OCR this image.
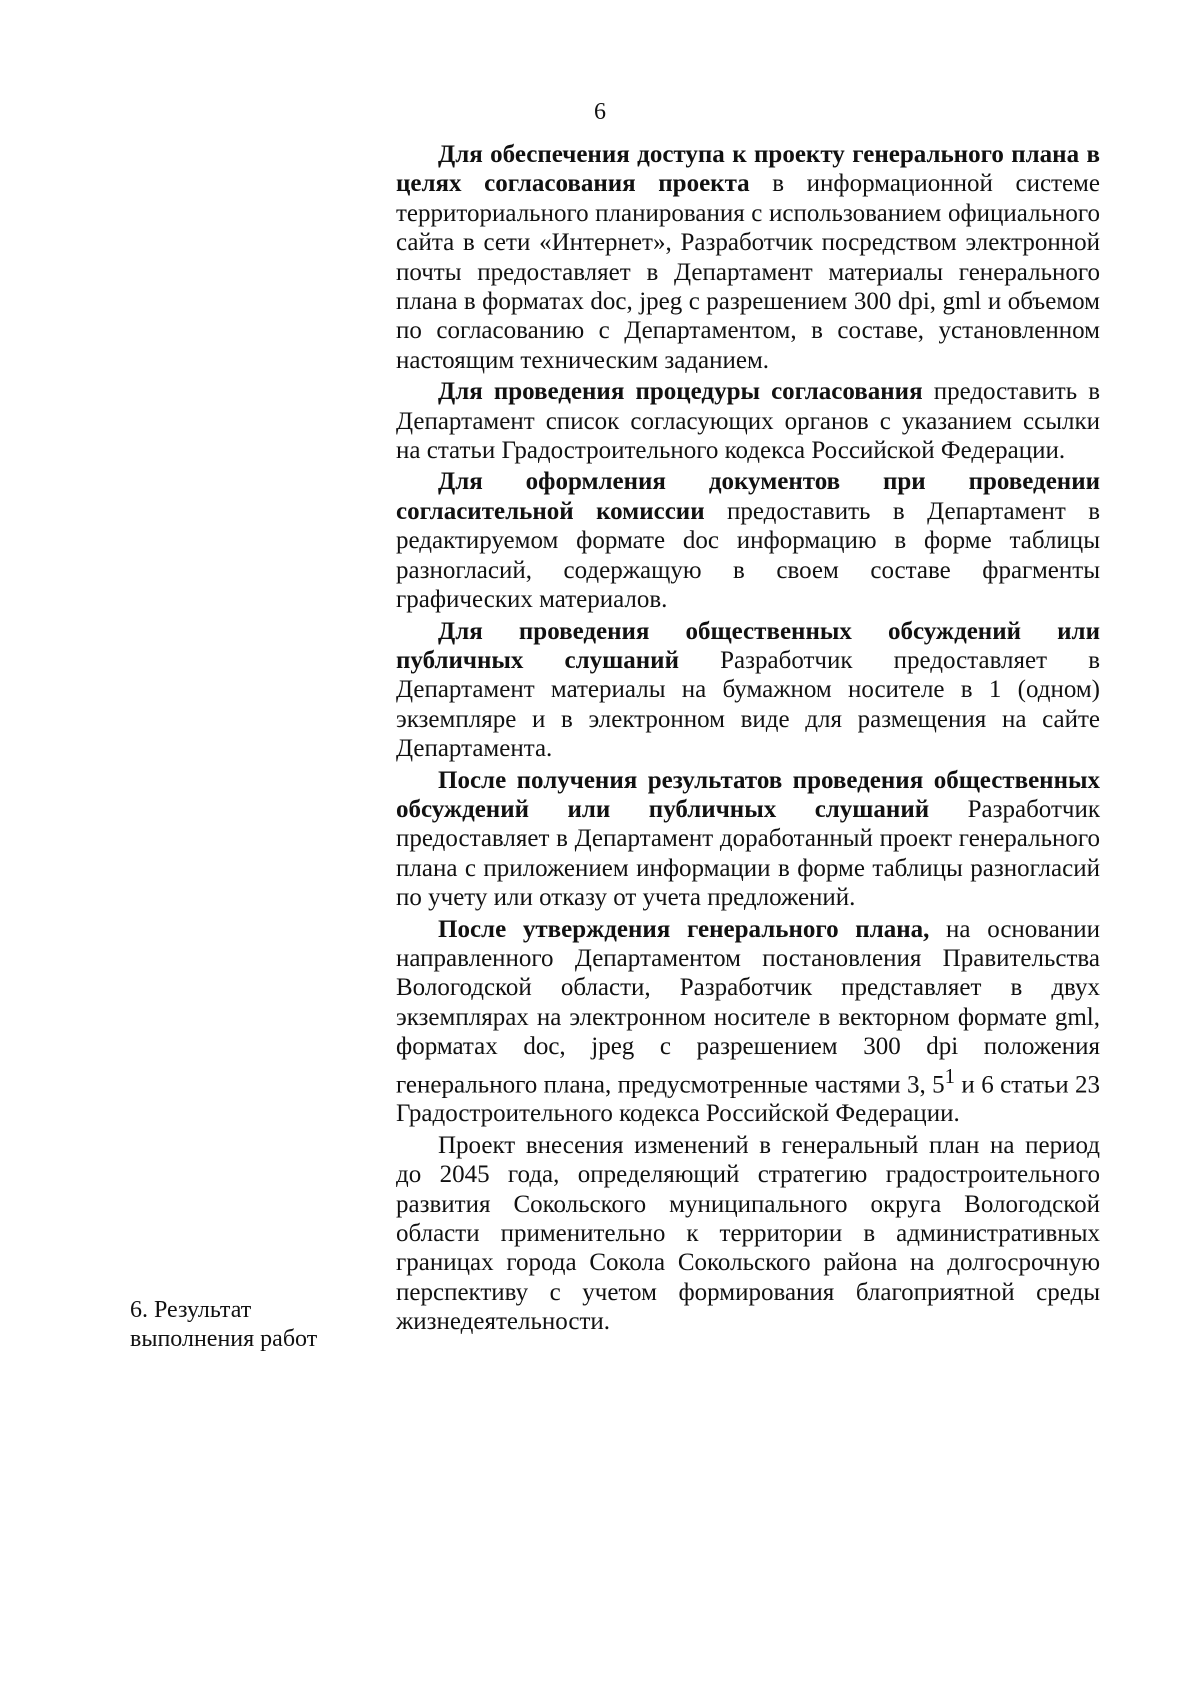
6

Для обеспечения доступа к проекту генерального плана в целях согласования проекта в информационной системе территориального планирования с использованием официального сайта в сети «Интернет», Разработчик посредством электронной почты предоставляет в Департамент материалы генерального плана в форматах doc, jpeg с разрешением 300 dpi, gml и объемом по согласованию с Департаментом, в составе, установленном настоящим техническим заданием.

Для проведения процедуры согласования предоставить в Департамент список согласующих органов с указанием ссылки на статьи Градостроительного кодекса Российской Федерации.

Для оформления документов при проведении согласительной комиссии предоставить в Департамент в редактируемом формате doc информацию в форме таблицы разногласий, содержащую в своем составе фрагменты графических материалов.

Для проведения общественных обсуждений или публичных слушаний Разработчик предоставляет в Департамент материалы на бумажном носителе в 1 (одном) экземпляре и в электронном виде для размещения на сайте Департамента.

После получения результатов проведения общественных обсуждений или публичных слушаний Разработчик предоставляет в Департамент доработанный проект генерального плана с приложением информации в форме таблицы разногласий по учету или отказу от учета предложений.

После утверждения генерального плана, на основании направленного Департаментом постановления Правительства Вологодской области, Разработчик представляет в двух экземплярах на электронном носителе в векторном формате gml, форматах doc, jpeg с разрешением 300 dpi положения генерального плана, предусмотренные частями 3, $5^1$ и 6 статьи 23 Градостроительного кодекса Российской Федерации.

Проект внесения изменений в генеральный план на период до 2045 года, определяющий стратегию градостроительного развития Сокольского муниципального округа Вологодской области применительно к территории в административных границах города Сокола Сокольского района на долгосрочную перспективу с учетом формирования благоприятной среды жизнедеятельности.

6. Результат
выполнения работ
